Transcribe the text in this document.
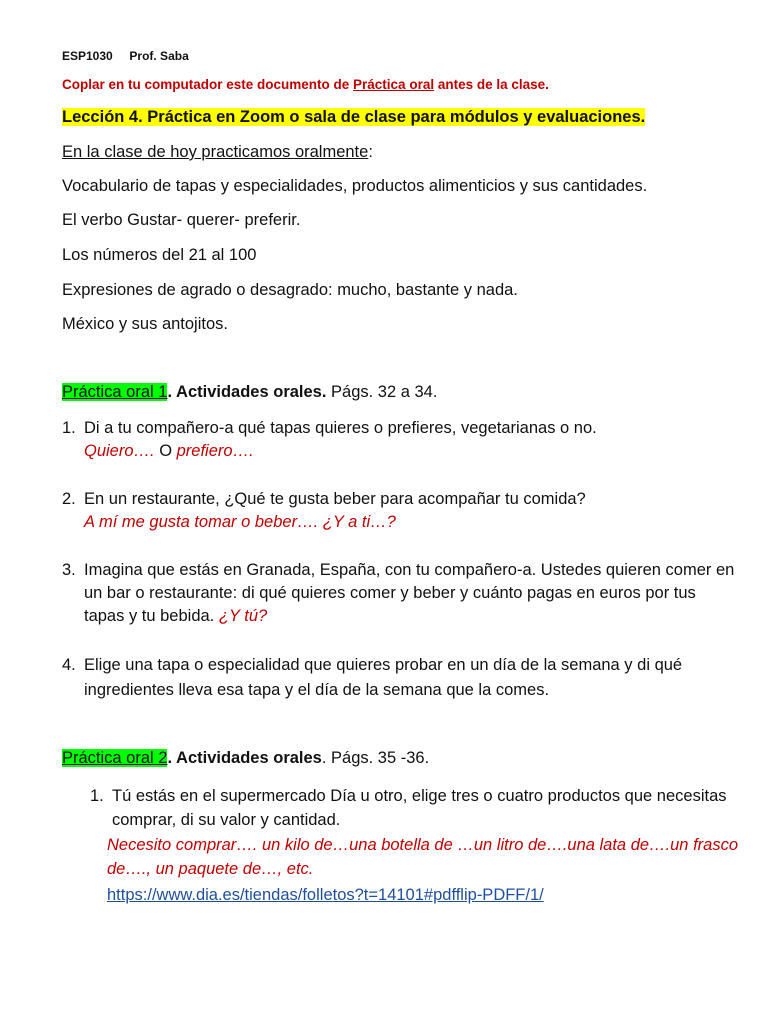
ESP1030 Prof. Saba
Coplar en tu computador este documento de Práctica oral antes de la clase.
Lección 4. Práctica en Zoom o sala de clase para módulos y evaluaciones.
En la clase de hoy practicamos oralmente:
Vocabulario de tapas y especialidades, productos alimenticios y sus cantidades.
El verbo Gustar- querer- preferir.
Los números del 21 al 100
Expresiones de agrado o desagrado: mucho, bastante y nada.
México y sus antojitos.
Práctica oral 1. Actividades orales. Págs. 32 a 34.
1. Di a tu compañero-a qué tapas quieres o prefieres, vegetarianas o no.
Quiero…. O prefiero….
2. En un restaurante, ¿Qué te gusta beber para acompañar tu comida?
A mí me gusta tomar o beber…. ¿Y a ti…?
3. Imagina que estás en Granada, España, con tu compañero-a. Ustedes quieren comer en
un bar o restaurante: di qué quieres comer y beber y cuánto pagas en euros por tus
tapas y tu bebida. ¿Y tú?
4. Elige una tapa o especialidad que quieres probar en un día de la semana y di qué
ingredientes lleva esa tapa y el día de la semana que la comes.
Práctica oral 2. Actividades orales. Págs. 35 -36.
1. Tú estás en el supermercado Día u otro, elige tres o cuatro productos que necesitas
comprar, di su valor y cantidad.
Necesito comprar…. un kilo de…una botella de …un litro de….una lata de….un frasco
de…., un paquete de…, etc.
https://www.dia.es/tiendas/folletos?t=14101#pdfflip-PDFF/1/
